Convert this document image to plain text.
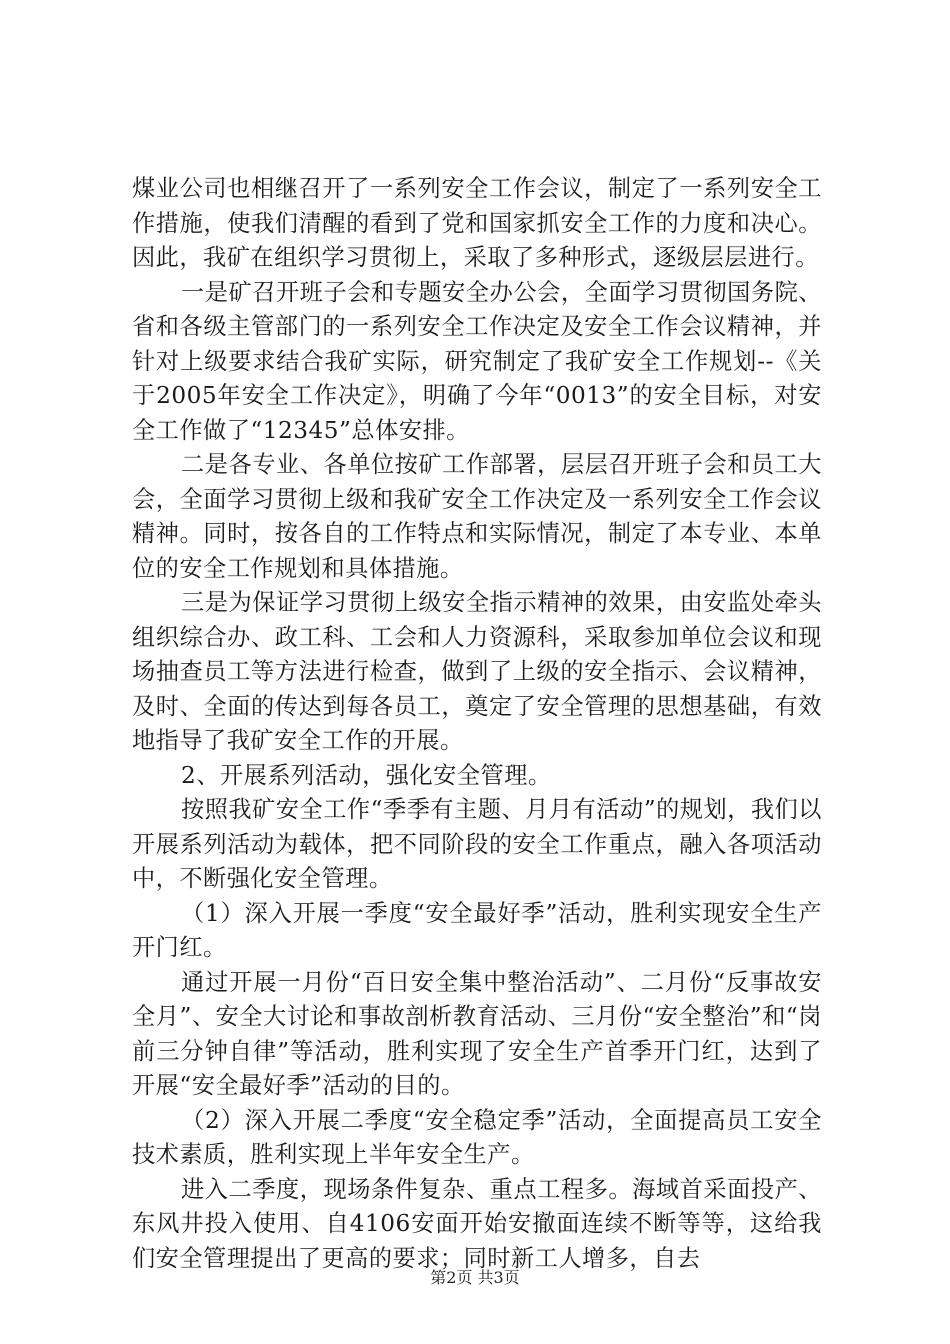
煤业公司也相继召开了一系列安全工作会议，制定了一系列安全工作措施，使我们清醒的看到了党和国家抓安全工作的力度和决心。因此，我矿在组织学习贯彻上，采取了多种形式，逐级层层进行。

一是矿召开班子会和专题安全办公会，全面学习贯彻国务院、省和各级主管部门的一系列安全工作决定及安全工作会议精神，并针对上级要求结合我矿实际，研究制定了我矿安全工作规划--《关于2005年安全工作决定》，明确了今年“0013”的安全目标，对安全工作做了“12345”总体安排。

二是各专业、各单位按矿工作部署，层层召开班子会和员工大会，全面学习贯彻上级和我矿安全工作决定及一系列安全工作会议精神。同时，按各自的工作特点和实际情况，制定了本专业、本单位的安全工作规划和具体措施。

三是为保证学习贯彻上级安全指示精神的效果，由安监处牵头组织综合办、政工科、工会和人力资源科，采取参加单位会议和现场抽查员工等方法进行检查，做到了上级的安全指示、会议精神，及时、全面的传达到每各员工，奠定了安全管理的思想基础，有效地指导了我矿安全工作的开展。

2、开展系列活动，强化安全管理。

按照我矿安全工作“季季有主题、月月有活动”的规划，我们以开展系列活动为载体，把不同阶段的安全工作重点，融入各项活动中，不断强化安全管理。

（1）深入开展一季度“安全最好季”活动，胜利实现安全生产开门红。

通过开展一月份“百日安全集中整治活动”、二月份“反事故安全月”、安全大讨论和事故剖析教育活动、三月份“安全整治”和“岗前三分钟自律”等活动，胜利实现了安全生产首季开门红，达到了开展“安全最好季”活动的目的。

（2）深入开展二季度“安全稳定季”活动，全面提高员工安全技术素质，胜利实现上半年安全生产。

进入二季度，现场条件复杂、重点工程多。海域首采面投产、东风井投入使用、自4106安面开始安撤面连续不断等等，这给我们安全管理提出了更高的要求；同时新工人增多，自去

第2页 共3页
